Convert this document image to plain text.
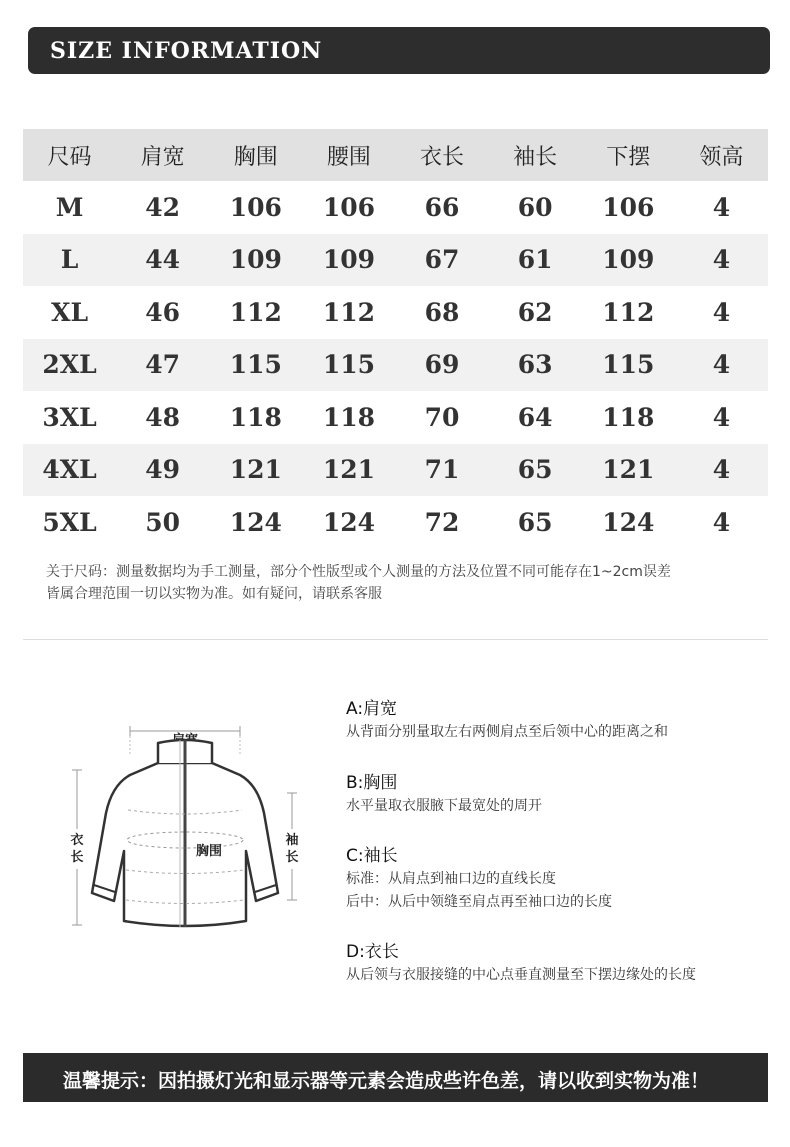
SIZE INFORMATION
尺码	肩宽	胸围	腰围	衣长	袖长	下摆	领高
M	42	106	106	66	60	106	4
L	44	109	109	67	61	109	4
XL	46	112	112	68	62	112	4
2XL	47	115	115	69	63	115	4
3XL	48	118	118	70	64	118	4
4XL	49	121	121	71	65	121	4
5XL	50	124	124	72	65	124	4

关于尺码：测量数据均为手工测量，部分个性版型或个人测量的方法及位置不同可能存在1~2cm误差

皆属合理范围一切以实物为准。如有疑问，请联系客服

衣
长
袖
长
胸围

A:肩宽

从背面分别量取左右两侧肩点至后领中心的距离之和

B:胸围

水平量取衣服腋下最宽处的周开

C:袖长

标准：从肩点到袖口边的直线长度

后中：从后中领缝至肩点再至袖口边的长度

D:衣长

从后领与衣服接缝的中心点垂直测量至下摆边缘处的长度

温馨提示：因拍摄灯光和显示器等元素会造成些许色差，请以收到实物为准！
